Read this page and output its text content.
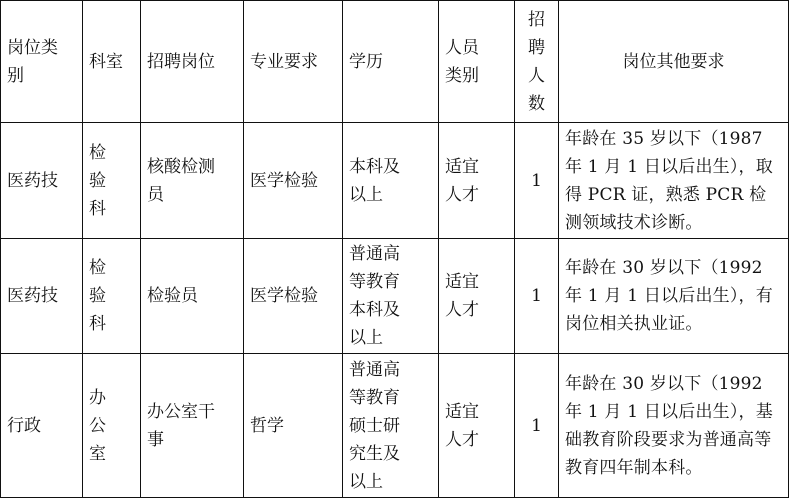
岗位类别	科室	招聘岗位	专业要求	学历	人员类别	招聘人数	岗位其他要求
医药技	检验科	核酸检测员	医学检验	本科及以上	适宜人才	1	年龄在 35 岁以下（1987 年 1 月 1 日以后出生），取得 PCR 证，熟悉 PCR 检测领域技术诊断。
医药技	检验科	检验员	医学检验	普通高等教育本科及以上	适宜人才	1	年龄在 30 岁以下（1992 年 1 月 1 日以后出生），有岗位相关执业证。
行政	办公室	办公室干事	哲学	普通高等教育硕士研究生及以上	适宜人才	1	年龄在 30 岁以下（1992 年 1 月 1 日以后出生），基础教育阶段要求为普通高等教育四年制本科。
